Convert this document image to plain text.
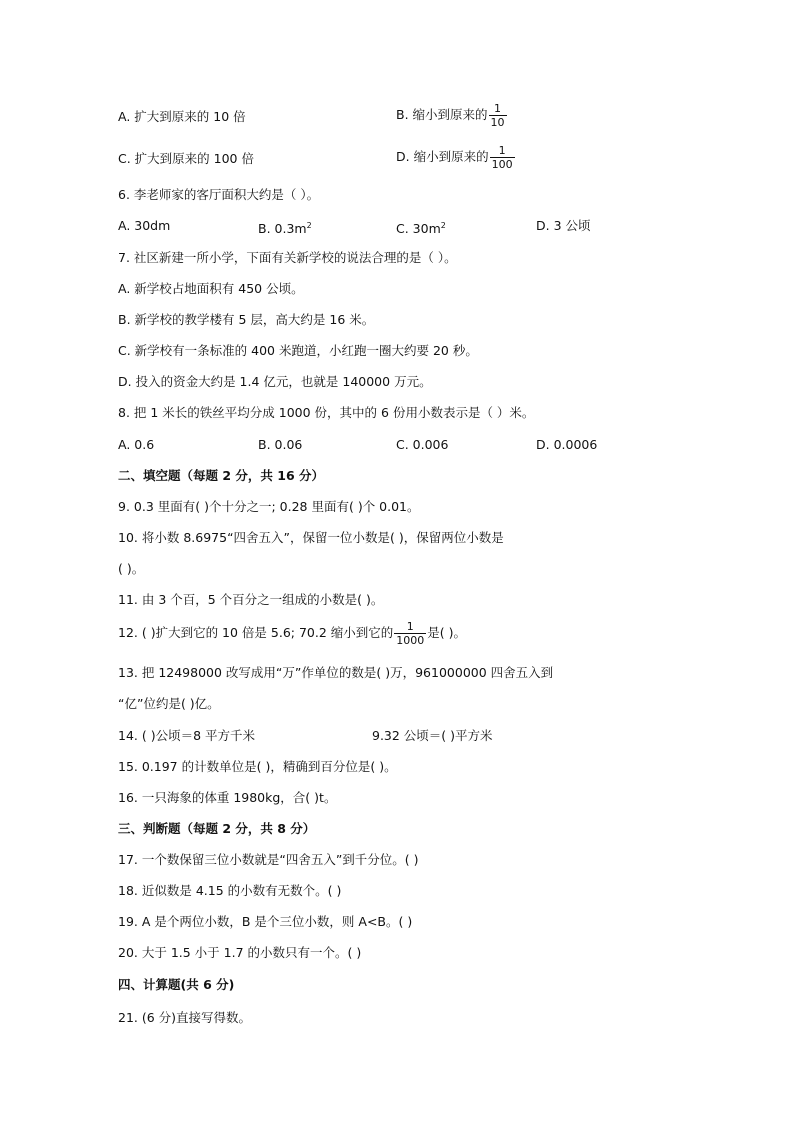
A. 扩大到原来的 10 倍	B. 缩小到原来的 $\frac{1}{10}$
C. 扩大到原来的 100 倍	D. 缩小到原来的 $\frac{1}{100}$
6. 李老师家的客厅面积大约是（ ）。
A. 30dm	B. $0.3m^2$	C. $30m^2$	D. 3 公顷
7. 社区新建一所小学，下面有关新学校的说法合理的是（ ）。
A. 新学校占地面积有 450 公顷。
B. 新学校的教学楼有 5 层，高大约是 16 米。
C. 新学校有一条标准的 400 米跑道，小红跑一圈大约要 20 秒。
D. 投入的资金大约是 1.4 亿元，也就是 140000 万元。
8. 把 1 米长的铁丝平均分成 1000 份，其中的 6 份用小数表示是（ ）米。
A. 0.6	B. 0.06	C. 0.006	D. 0.0006
二、填空题（每题 2 分，共 16 分）
9. 0.3 里面有( )个十分之一; 0.28 里面有( )个 0.01。
10. 将小数 8.6975“四舍五入”，保留一位小数是( )，保留两位小数是
( )。
11. 由 3 个百，5 个百分之一组成的小数是( )。
12. ( )扩大到它的 10 倍是 5.6; 70.2 缩小到它的 $\frac{1}{1000}$ 是( )。
13. 把 12498000 改写成用“万”作单位的数是( )万，961000000 四舍五入到
“亿”位约是( )亿。
14. ( )公顷＝8 平方千米	9.32 公顷＝( )平方米
15. 0.197 的计数单位是( )，精确到百分位是( )。
16. 一只海象的体重 1980kg，合( )t。
三、判断题（每题 2 分，共 8 分）
17. 一个数保留三位小数就是“四舍五入”到千分位。( )
18. 近似数是 4.15 的小数有无数个。( )
19. A 是个两位小数，B 是个三位小数，则 A<B。( )
20. 大于 1.5 小于 1.7 的小数只有一个。( )
四、计算题(共 6 分)
21. (6 分)直接写得数。
